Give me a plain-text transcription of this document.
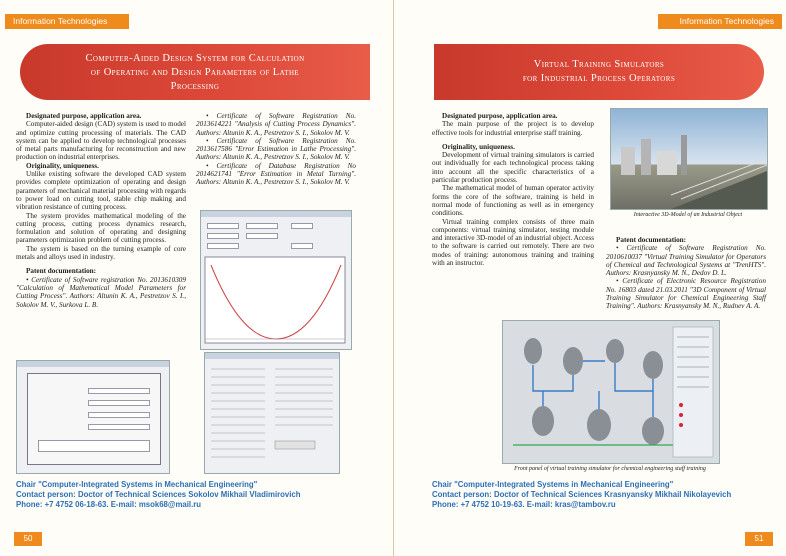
Information Technologies
Computer-Aided Design System for Calculation
of Operating and Design Parameters of Lathe
Processing

Designated purpose, application area.

Computer-aided design (CAD) system is used to model and optimize cutting processing of materials. The CAD system can be applied to develop technological processes of metal parts manufacturing for reconstruction and new production on industrial enterprises.

Originality, uniqueness.

Unlike existing software the developed CAD system provides complete optimization of operating and design parameters of mechanical material processing with regards to power load on cutting tool, stable chip making and vibration resistance of cutting process.

The system provides mathematical modeling of the cutting process, cutting process dynamics research, formulation and solution of operating and designing parameters optimization problem of cutting process.

The system is based on the turning example of core metals and alloys used in industry.

Patent documentation:

• Certificate of Software registration No. 2013610309 "Calculation of Mathematical Model Parameters for Cutting Process". Authors: Altunin K. A., Pestretzov S. I., Sokolov M. V., Surkova L. B.

• Certificate of Software Registration No. 2013614221 "Analysis of Cutting Process Dynamics". Authors: Altunin K. A., Pestretzov S. I., Sokolov M. V.

• Certificate of Software Registration No. 2013617586 "Error Estimation in Lathe Processing". Authors: Altunin K. A., Pestretzov S. I., Sokolov M. V.

• Certificate of Database Registration No 2014621741 "Error Estimation in Metal Turning". Authors: Altunin K. A., Pestretzov S. I., Sokolov M. V.

Chair "Computer-Integrated Systems in Mechanical Engineering"
Contact person: Doctor of Technical Sciences Sokolov Mikhail Vladimirovich
Phone: +7 4752 06-18-63. E-mail: msok68@mail.ru
50
Information Technologies
Virtual Training Simulators
for Industrial Process Operators

Designated purpose, application area.

The main purpose of the project is to develop effective tools for industrial enterprise staff training.

Originality, uniqueness.

Development of virtual training simulators is carried out individually for each technological process taking into account all the specific characteristics of a particular production process.

The mathematical model of human operator activity forms the core of the software, training is held in normal mode of functioning as well as in emergency conditions.

Virtual training complex consists of three main components: virtual training simulator, testing module and interactive 3D-model of an industrial object. Access to the software is carried out remotely. There are two modes of training: autonomous training and training with an instructor.

Interactive 3D-Model of an Industrial Object

Patent documentation:

• Certificate of Software Registration No. 2010610037 "Virtual Training Simulator for Operators of Chemical and Technological Systems at "TrenHTS". Authors: Krasnyansky M. N., Dedov D. L.

• Certificate of Electronic Resource Registration No. 16803 dated 21.03.2011 "3D Component of Virtual Training Simulator for Chemical Engineering Staff Training". Authors: Krasnyansky M. N., Rudnev A. A.

Front panel of virtual training simulator for chemical engineering staff training
Chair "Computer-Integrated Systems in Mechanical Engineering"
Contact person: Doctor of Technical Sciences Krasnyansky Mikhail Nikolayevich
Phone: +7 4752 10-19-63. E-mail: kras@tambov.ru
51
